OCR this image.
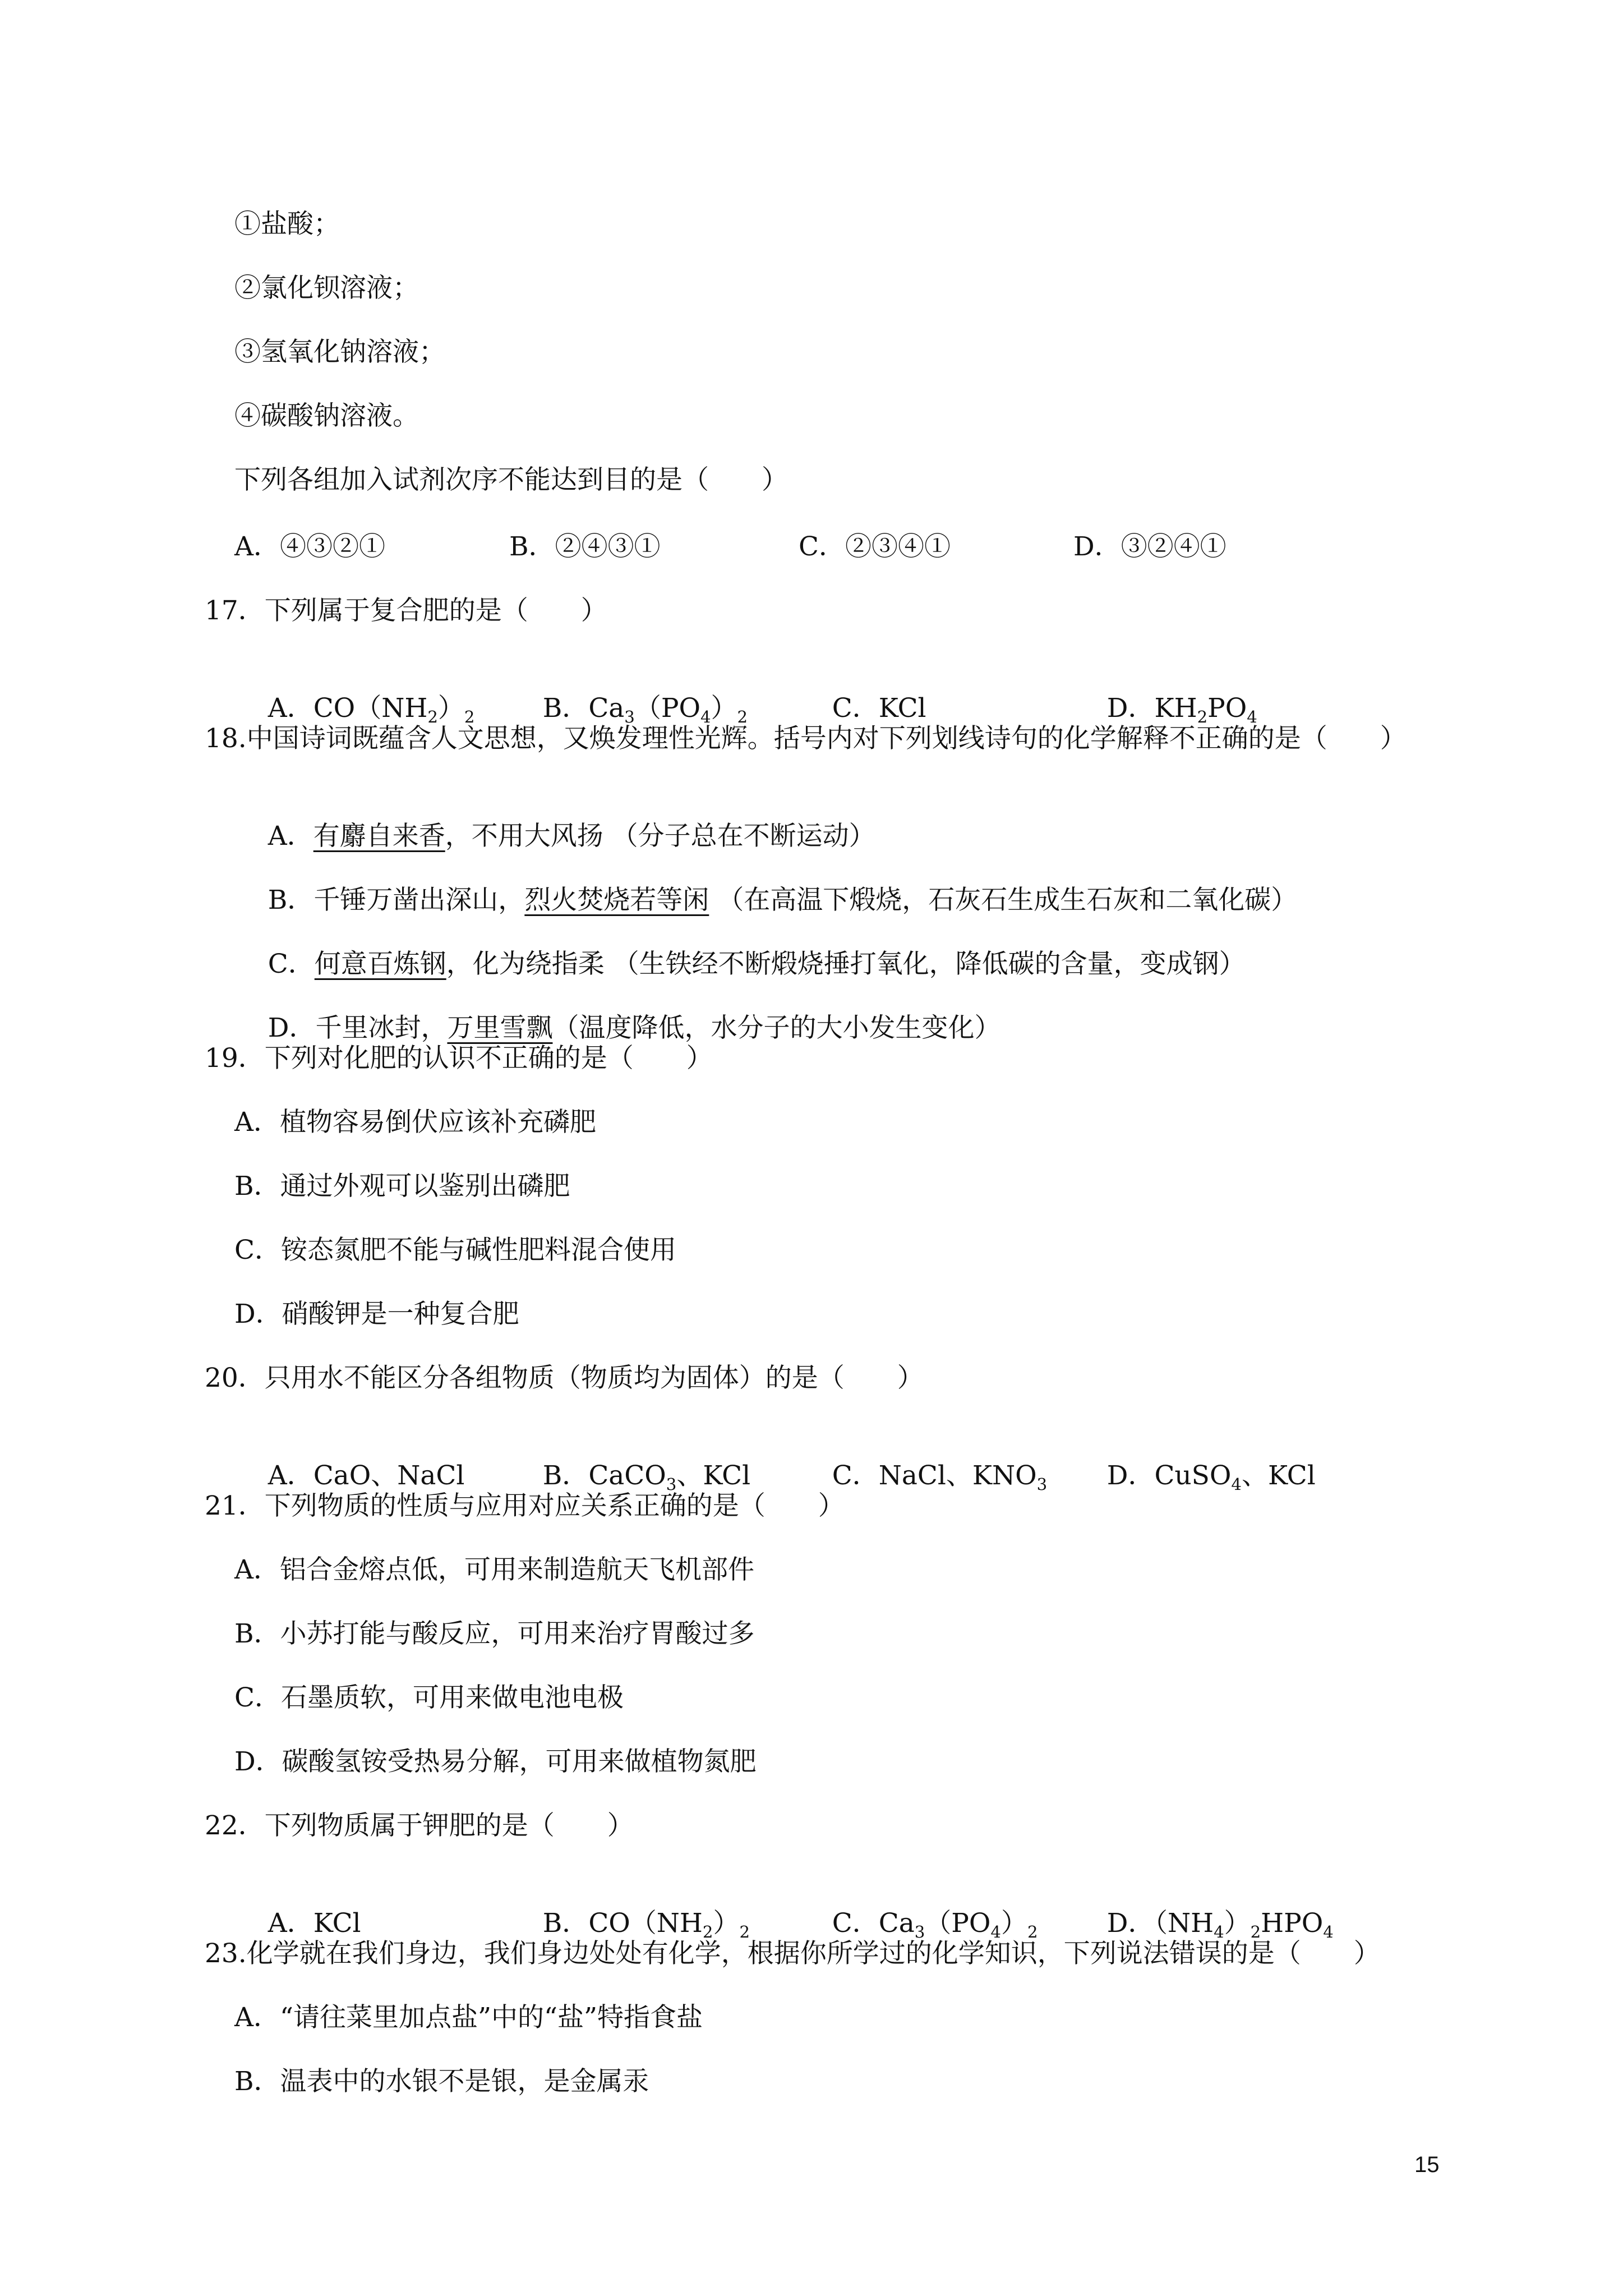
①盐酸；
②氯化钡溶液；
③氢氧化钠溶液；
④碳酸钠溶液。
下列各组加入试剂次序不能达到目的是（　　）
A．④③②①	B．②④③①	C．②③④①	D．③②④①
17．下列属于复合肥的是（　　）

A．$CO(NH_2)_2$
	B．$Ca_3(PO_4)_2$
	C．KCl
	D．$KH_2PO_4$

18.中国诗词既蕴含人文思想，又焕发理性光辉。括号内对下列划线诗句的化学解释不正确的是（　　）

A．有麝自来香，不用大风扬 （分子总在不断运动）

B．千锤万凿出深山，烈火焚烧若等闲 （在高温下煅烧，石灰石生成生石灰和二氧化碳）

C．何意百炼钢，化为绕指柔 （生铁经不断煅烧捶打氧化，降低碳的含量，变成钢）

D．千里冰封，万里雪飘（温度降低，水分子的大小发生变化）

19．下列对化肥的认识不正确的是（　　）
A．植物容易倒伏应该补充磷肥
B．通过外观可以鉴别出磷肥
C．铵态氮肥不能与碱性肥料混合使用
D．硝酸钾是一种复合肥
20．只用水不能区分各组物质（物质均为固体）的是（　　）

A．CaO、NaCl
	B．CaCO$_3$、KCl
	C．NaCl、$KNO_3$
	D．CuSO$_4$、KCl

21．下列物质的性质与应用对应关系正确的是（　　）
A．铝合金熔点低，可用来制造航天飞机部件
B．小苏打能与酸反应，可用来治疗胃酸过多
C．石墨质软，可用来做电池电极
D．碳酸氢铵受热易分解，可用来做植物氮肥
22．下列物质属于钾肥的是（　　）

A．KCl
	B．$CO(NH_2)_2$
	C．$Ca_3(PO_4)_2$
	D．$(NH_4)_2HPO_4$

23.化学就在我们身边，我们身边处处有化学，根据你所学过的化学知识，下列说法错误的是（　　）
A．“请往菜里加点盐”中的“盐”特指食盐
B．温表中的水银不是银，是金属汞
15
